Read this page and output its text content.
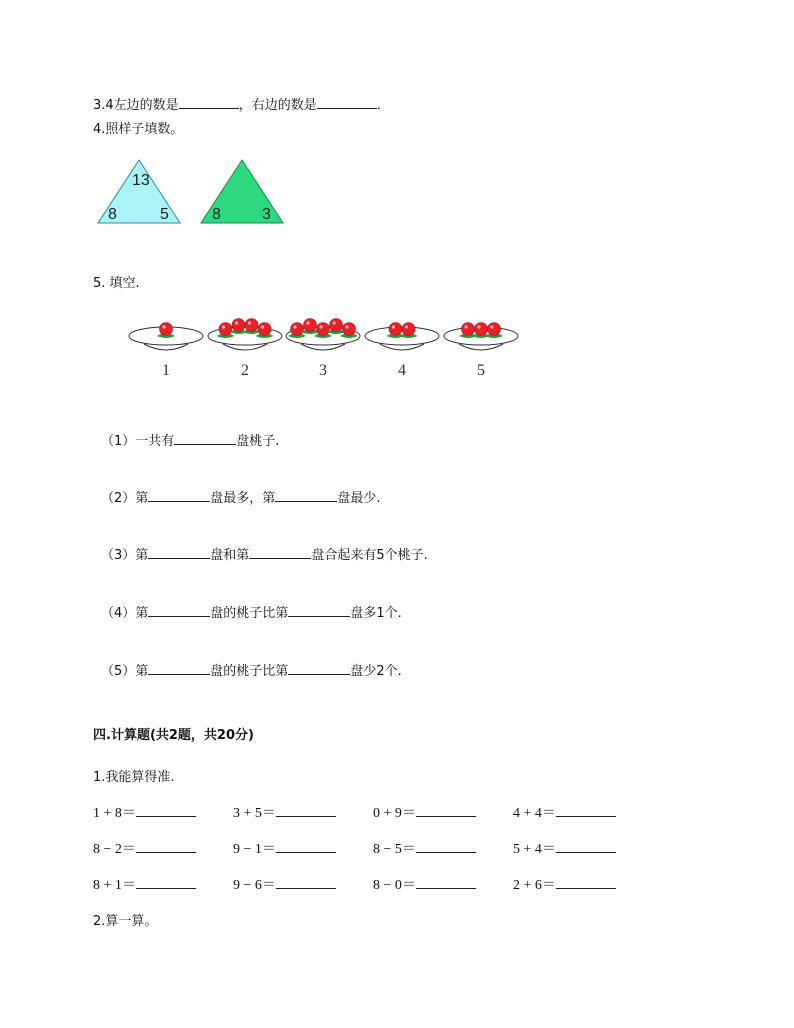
3.4左边的数是	，右边的数是	.
4.照样子填数。
13
8	5	8	3
5. 填空.
1	2	3	4	5
（1）一共有	盘桃子.
（2）第	盘最多，第	盘最少.
（3）第	盘和第	盘合起来有5个桃子.
（4）第	盘的桃子比第	盘多1个.
（5）第	盘的桃子比第	盘少2个.
四.计算题(共2题，共20分)
1.我能算得准.
1 + 8＝	3 + 5＝	0 + 9＝	4 + 4＝
8 − 2＝	9 − 1＝	8 − 5＝	5 + 4＝
8 + 1＝	9 − 6＝	8 − 0＝	2 + 6＝
2.算一算。
